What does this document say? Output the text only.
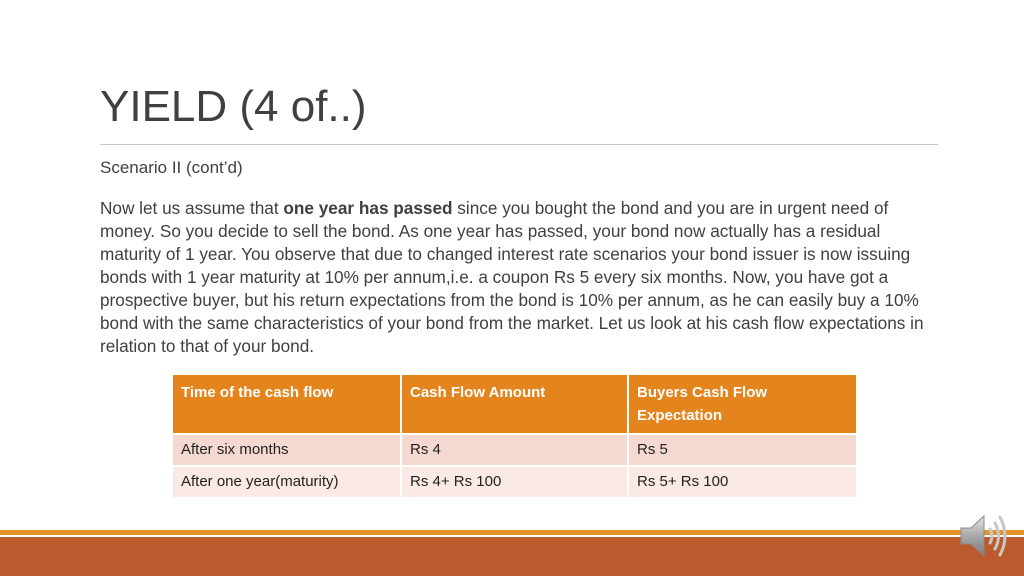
YIELD (4 of..)
Scenario II (cont’d)
Now let us assume that one year has passed since you bought the bond and you are in urgent need of money. So you decide to sell the bond. As one year has passed, your bond now actually has a residual maturity of 1 year. You observe that due to changed interest rate scenarios your bond issuer is now issuing bonds with 1 year maturity at 10% per annum,i.e. a coupon Rs 5 every six months. Now, you have got a prospective buyer, but his return expectations from the bond is 10% per annum, as he can easily buy a 10% bond with the same characteristics of your bond from the market. Let us look at his cash flow expectations in relation to that of your bond.
Time of the cash flow	Cash Flow Amount	Buyers Cash Flow Expectation
After six months	Rs 4	Rs 5
After one year(maturity)	Rs 4+ Rs 100	Rs 5+ Rs 100
